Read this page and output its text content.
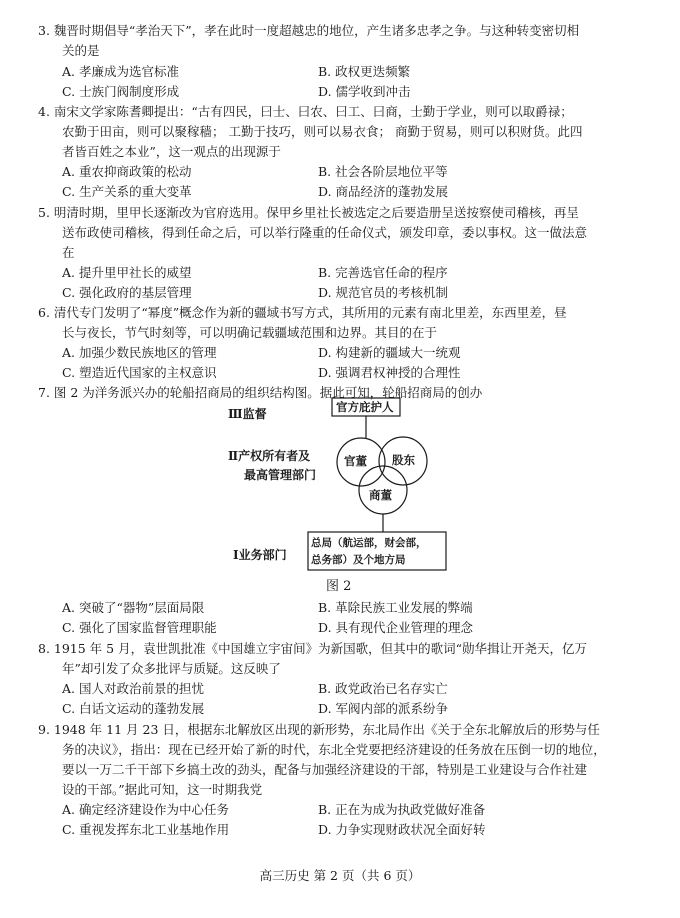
3. 魏晋时期倡导“孝治天下”，孝在此时一度超越忠的地位，产生诸多忠孝之争。与这种转变密切相
关的是
A. 孝廉成为选官标准	B. 政权更迭频繁
C. 士族门阀制度形成	D. 儒学收到冲击
4. 南宋文学家陈耆卿提出：“古有四民，曰士、曰农、曰工、曰商，士勤于学业，则可以取爵禄；
农勤于田亩，则可以聚稼穑； 工勤于技巧，则可以易衣食； 商勤于贸易，则可以积财货。此四
者皆百姓之本业”，这一观点的出现源于
A. 重农抑商政策的松动	B. 社会各阶层地位平等
C. 生产关系的重大变革	D. 商品经济的蓬勃发展
5. 明清时期，里甲长逐渐改为官府选用。保甲乡里社长被选定之后要造册呈送按察使司稽核，再呈
送布政使司稽核，得到任命之后，可以举行隆重的任命仪式，颁发印章，委以事权。这一做法意
在
A. 提升里甲社长的威望	B. 完善选官任命的程序
C. 强化政府的基层管理	D. 规范官员的考核机制
6. 清代专门发明了“幂度”概念作为新的疆域书写方式，其所用的元素有南北里差，东西里差，昼
长与夜长，节气时刻等，可以明确记载疆域范围和边界。其目的在于
A. 加强少数民族地区的管理	D. 构建新的疆域大一统观
C. 塑造近代国家的主权意识	D. 强调君权神授的合理性
7. 图 2 为洋务派兴办的轮船招商局的组织结构图。据此可知，轮船招商局的创办
Ⅲ监督
Ⅱ产权所有者及
最高管理部门
Ⅰ业务部门
官方庇护人
官董 股东
商董
总局（航运部，财会部，
总务部）及个地方局
图 2
A. 突破了“器物”层面局限	B. 革除民族工业发展的弊端
C. 强化了国家监督管理职能	D. 具有现代企业管理的理念
8. 1915 年 5 月，袁世凯批准《中国雄立宇宙间》为新国歌，但其中的歌词“勋华揖让开尧天，亿万
年”却引发了众多批评与质疑。这反映了
A. 国人对政治前景的担忧	B. 政党政治已名存实亡
C. 白话文运动的蓬勃发展	D. 军阀内部的派系纷争
9. 1948 年 11 月 23 日，根据东北解放区出现的新形势，东北局作出《关于全东北解放后的形势与任
务的决议》，指出：现在已经开始了新的时代，东北全党要把经济建设的任务放在压倒一切的地位，
要以一万二千干部下乡搞土改的劲头，配备与加强经济建设的干部，特别是工业建设与合作社建
设的干部。”据此可知，这一时期我党
A. 确定经济建设作为中心任务	B. 正在为成为执政党做好准备
C. 重视发挥东北工业基地作用	D. 力争实现财政状况全面好转
高三历史 第 2 页（共 6 页）
